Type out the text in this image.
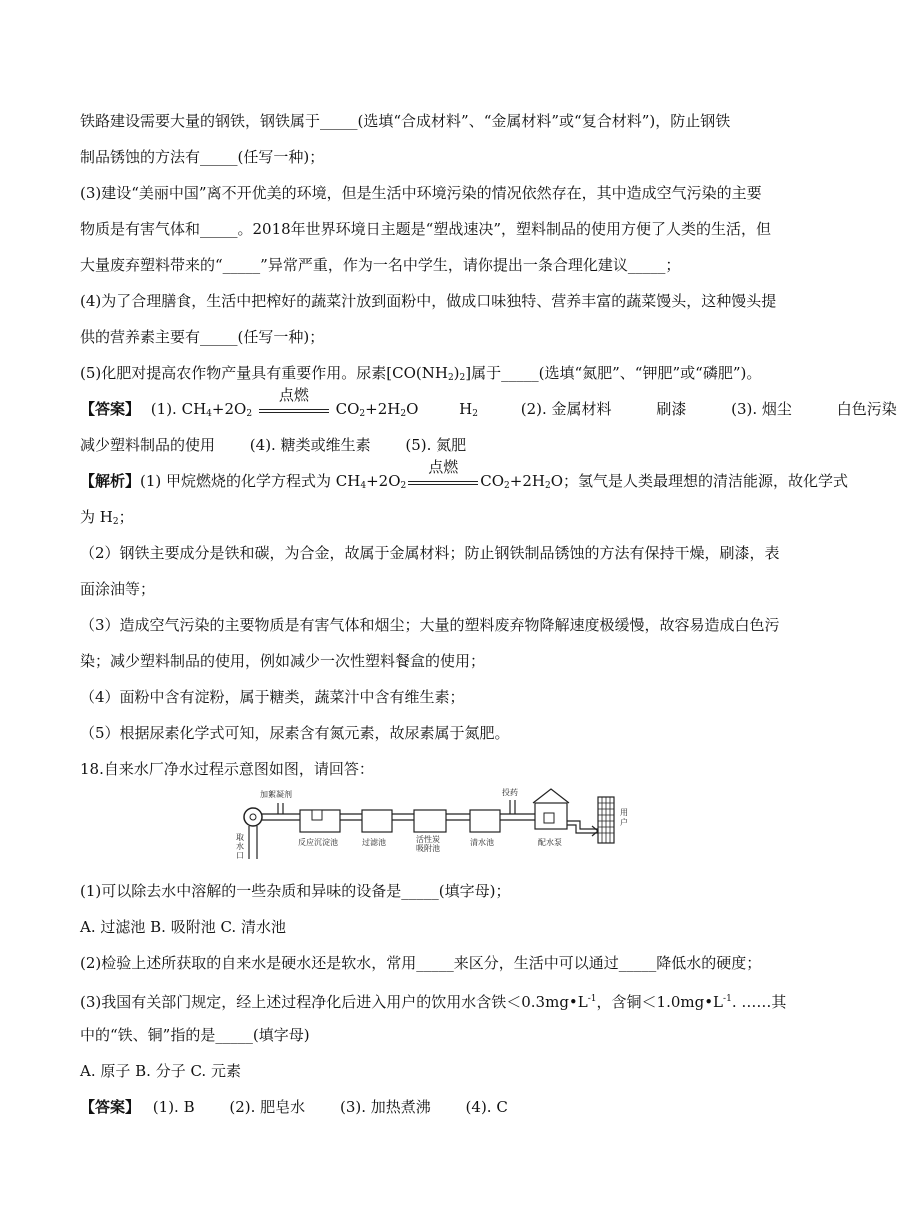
铁路建设需要大量的钢铁，钢铁属于_____(选填“合成材料”、“金属材料”或“复合材料”)，防止钢铁
制品锈蚀的方法有_____(任写一种)；
(3)建设“美丽中国”离不开优美的环境，但是生活中环境污染的情况依然存在，其中造成空气污染的主要
物质是有害气体和_____。2018年世界环境日主题是“塑战速决”，塑料制品的使用方便了人类的生活，但
大量废弃塑料带来的“_____”异常严重，作为一名中学生，请你提出一条合理化建议_____；
(4)为了合理膳食，生活中把榨好的蔬菜汁放到面粉中，做成口味独特、营养丰富的蔬菜馒头，这种馒头提
供的营养素主要有_____(任写一种)；
(5)化肥对提高农作物产量具有重要作用。尿素$[CO(NH_2)_2]$属于_____(选填“氮肥”、“钾肥”或“磷肥”)。
【答案】 (1). $CH_4+2O_2$
点燃
$CO_2+2H_2O$	$H_2$	(2). 金属材料	刷漆	(3). 烟尘	白色污染
减少塑料制品的使用 (4). 糖类或维生素 (5). 氮肥
【解析】(1) 甲烷燃烧的化学方程式为 $CH_4+2O_2$
点燃
$CO_2+2H_2O$；氢气是人类最理想的清洁能源，故化学式
为 $H_2$；
（2）钢铁主要成分是铁和碳，为合金，故属于金属材料；防止钢铁制品锈蚀的方法有保持干燥，刷漆，表
面涂油等；
（3）造成空气污染的主要物质是有害气体和烟尘；大量的塑料废弃物降解速度极缓慢，故容易造成白色污
染；减少塑料制品的使用，例如减少一次性塑料餐盒的使用；
（4）面粉中含有淀粉，属于糖类，蔬菜汁中含有维生素；
（5）根据尿素化学式可知，尿素含有氮元素，故尿素属于氮肥。
18.自来水厂净水过程示意图如图，请回答：
取
水
口
加絮凝剂
反应沉淀池	过滤池	活性炭
吸附池
清水池
投药
配水泵
用
户
(1)可以除去水中溶解的一些杂质和异味的设备是_____(填字母)；
A. 过滤池 B. 吸附池 C. 清水池
(2)检验上述所获取的自来水是硬水还是软水，常用_____来区分，生活中可以通过_____降低水的硬度；
(3)我国有关部门规定，经上述过程净化后进入用户的饮用水含铁$<0.3mg•L^{-1}$，含铜$<1.0mg•L^{-1}$. ……其
中的“铁、铜”指的是_____(填字母)
A. 原子 B. 分子 C. 元素
【答案】 (1). B (2). 肥皂水 (3). 加热煮沸 (4). C
